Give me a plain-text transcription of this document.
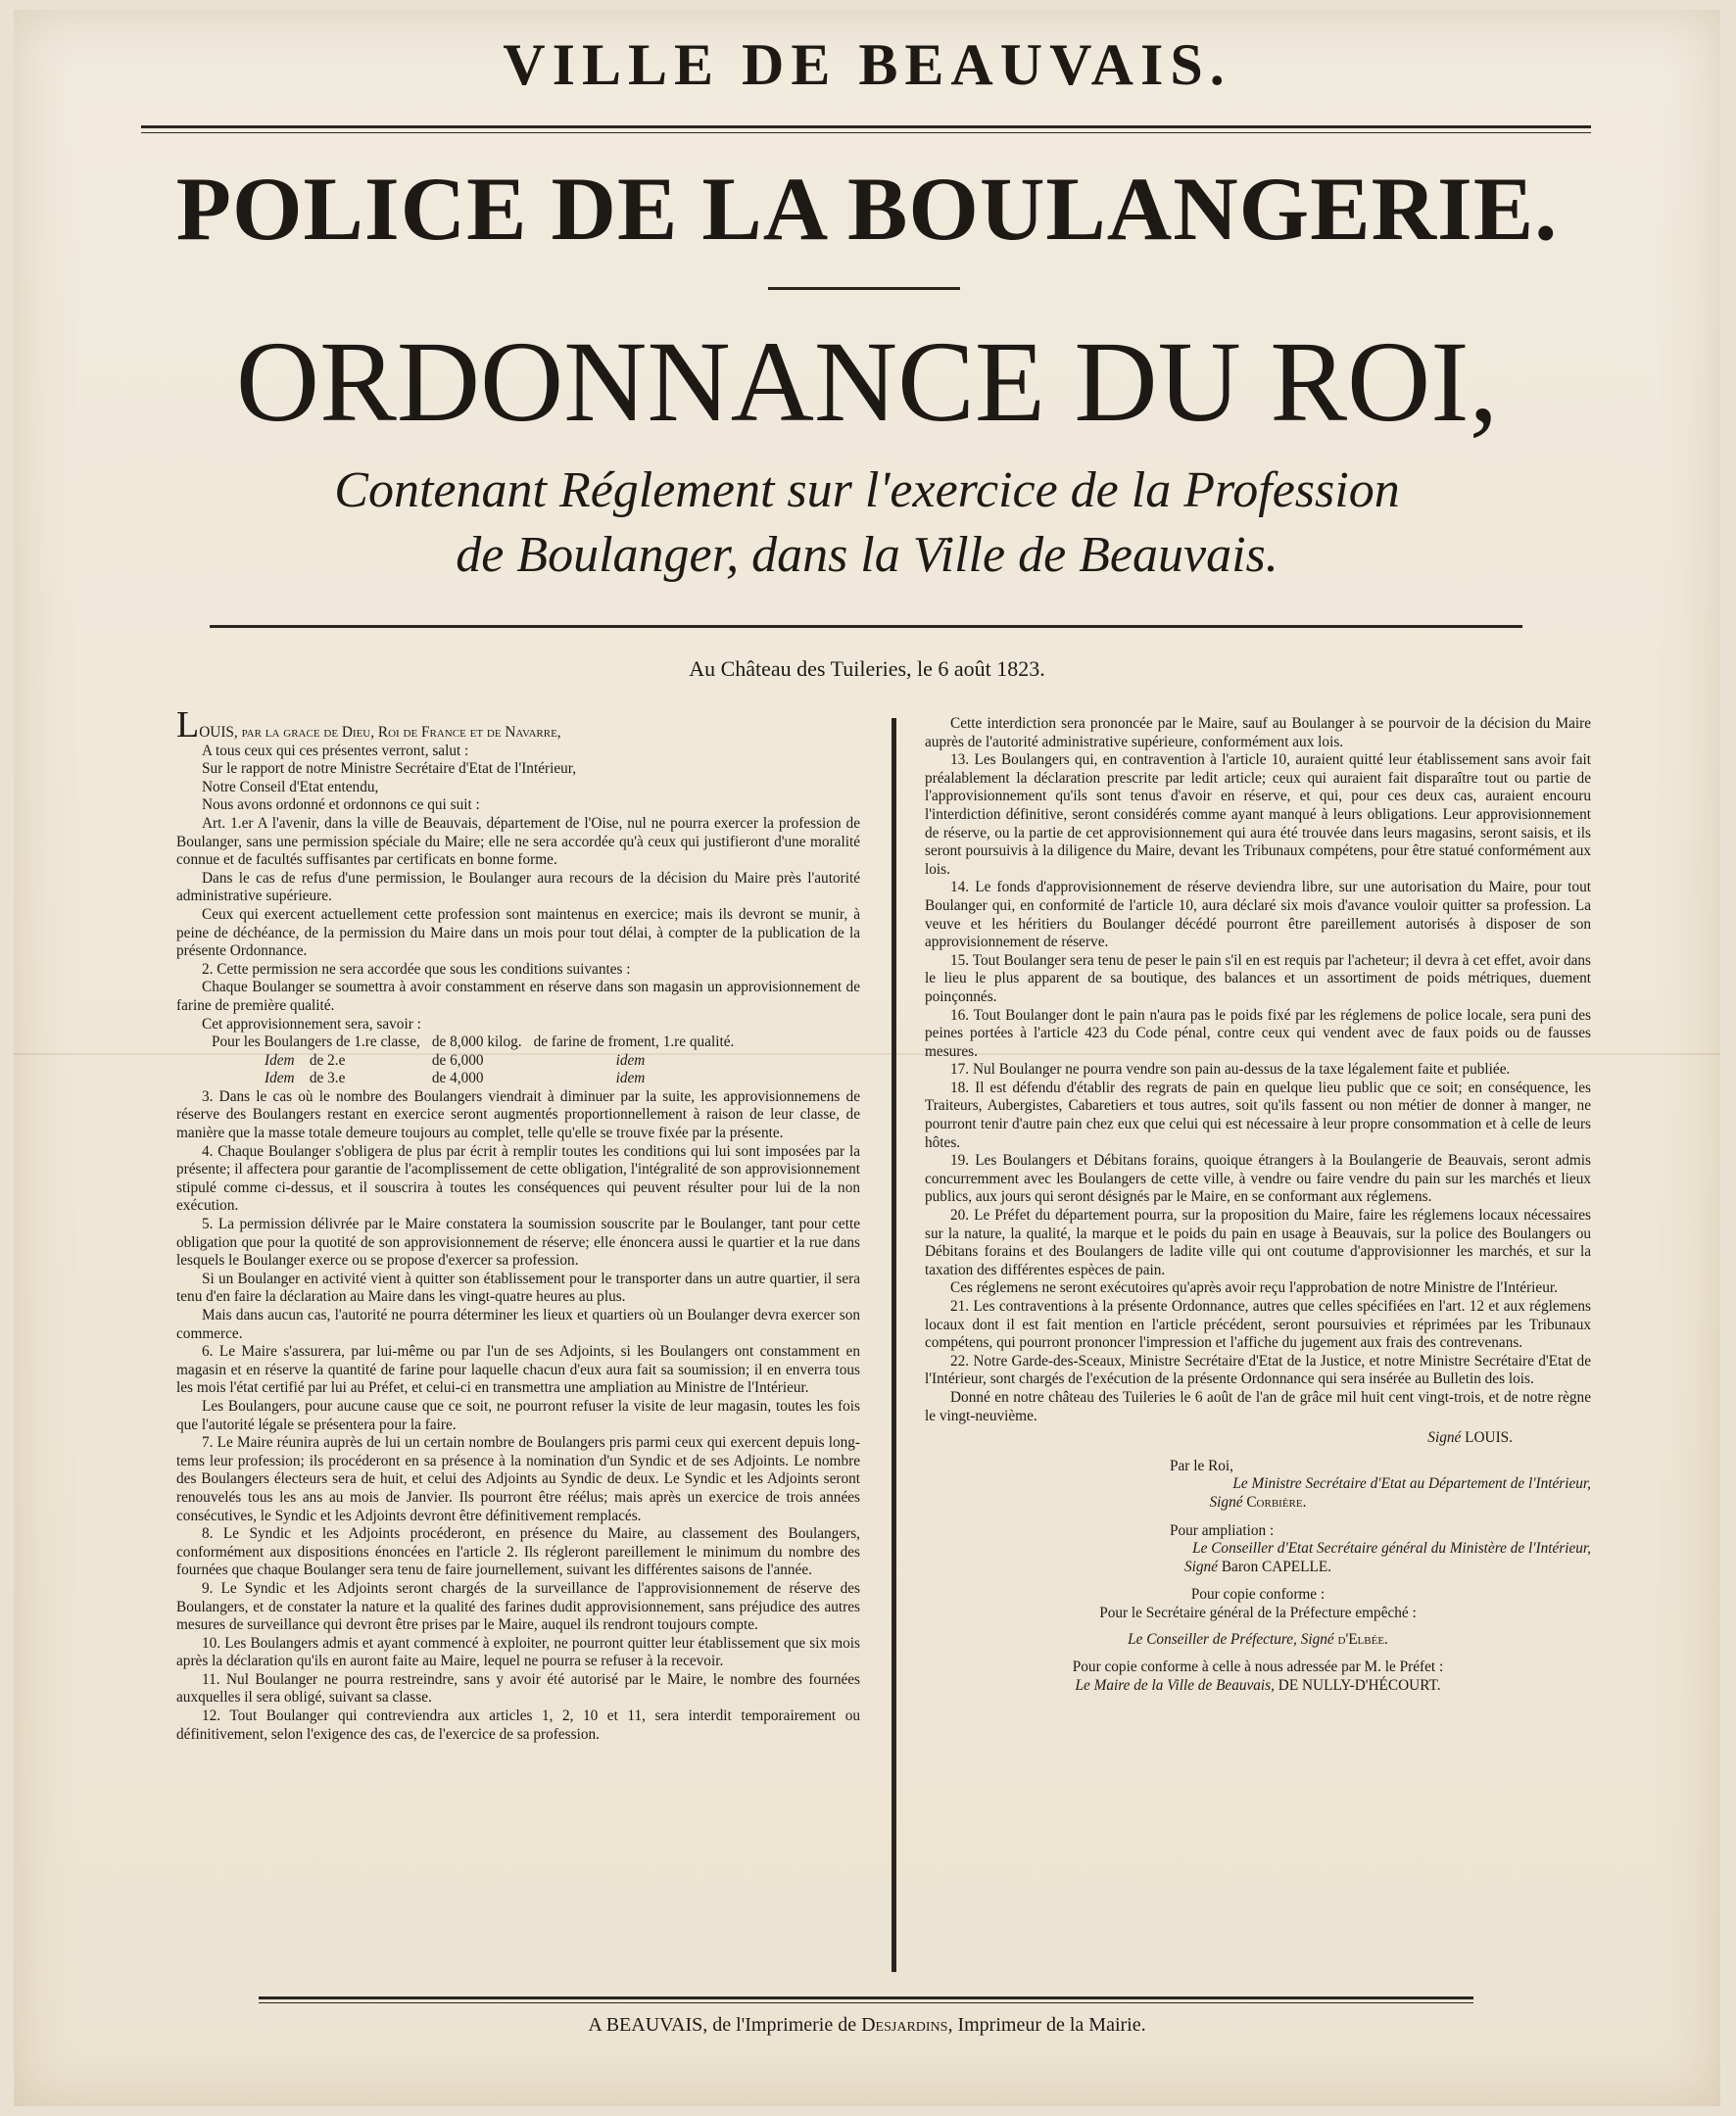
VILLE DE BEAUVAIS.
POLICE DE LA BOULANGERIE.
ORDONNANCE DU ROI,
Contenant Réglement sur l'exercice de la Profession
de Boulanger, dans la Ville de Beauvais.
Au Château des Tuileries, le 6 août 1823.

LOUIS, par la grace de Dieu, Roi de France et de Navarre,

A tous ceux qui ces présentes verront, salut :

Sur le rapport de notre Ministre Secrétaire d'Etat de l'Intérieur,

Notre Conseil d'Etat entendu,

Nous avons ordonné et ordonnons ce qui suit :

Art. 1.er A l'avenir, dans la ville de Beauvais, département de l'Oise, nul ne pourra exercer la profession de Boulanger, sans une permission spéciale du Maire; elle ne sera accordée qu'à ceux qui justifieront d'une moralité connue et de facultés suffisantes par certificats en bonne forme.

Dans le cas de refus d'une permission, le Boulanger aura recours de la décision du Maire près l'autorité administrative supérieure.

Ceux qui exercent actuellement cette profession sont maintenus en exercice; mais ils devront se munir, à peine de déchéance, de la permission du Maire dans un mois pour tout délai, à compter de la publication de la présente Ordonnance.

2. Cette permission ne sera accordée que sous les conditions suivantes :

Chaque Boulanger se soumettra à avoir constamment en réserve dans son magasin un approvisionnement de farine de première qualité.

Cet approvisionnement sera, savoir :

Pour les Boulangers de 1.re classe,	de 8,000 kilog.	de farine de froment, 1.re qualité.
Idem de 2.e	de 6,000	idem
Idem de 3.e	de 4,000	idem

3. Dans le cas où le nombre des Boulangers viendrait à diminuer par la suite, les approvisionnemens de réserve des Boulangers restant en exercice seront augmentés proportionnellement à raison de leur classe, de manière que la masse totale demeure toujours au complet, telle qu'elle se trouve fixée par la présente.

4. Chaque Boulanger s'obligera de plus par écrit à remplir toutes les conditions qui lui sont imposées par la présente; il affectera pour garantie de l'acomplissement de cette obligation, l'intégralité de son approvisionnement stipulé comme ci-dessus, et il souscrira à toutes les conséquences qui peuvent résulter pour lui de la non exécution.

5. La permission délivrée par le Maire constatera la soumission souscrite par le Boulanger, tant pour cette obligation que pour la quotité de son approvisionnement de réserve; elle énoncera aussi le quartier et la rue dans lesquels le Boulanger exerce ou se propose d'exercer sa profession.

Si un Boulanger en activité vient à quitter son établissement pour le transporter dans un autre quartier, il sera tenu d'en faire la déclaration au Maire dans les vingt-quatre heures au plus.

Mais dans aucun cas, l'autorité ne pourra déterminer les lieux et quartiers où un Boulanger devra exercer son commerce.

6. Le Maire s'assurera, par lui-même ou par l'un de ses Adjoints, si les Boulangers ont constamment en magasin et en réserve la quantité de farine pour laquelle chacun d'eux aura fait sa soumission; il en enverra tous les mois l'état certifié par lui au Préfet, et celui-ci en transmettra une ampliation au Ministre de l'Intérieur.

Les Boulangers, pour aucune cause que ce soit, ne pourront refuser la visite de leur magasin, toutes les fois que l'autorité légale se présentera pour la faire.

7. Le Maire réunira auprès de lui un certain nombre de Boulangers pris parmi ceux qui exercent depuis long-tems leur profession; ils procéderont en sa présence à la nomination d'un Syndic et de ses Adjoints. Le nombre des Boulangers électeurs sera de huit, et celui des Adjoints au Syndic de deux. Le Syndic et les Adjoints seront renouvelés tous les ans au mois de Janvier. Ils pourront être réélus; mais après un exercice de trois années consécutives, le Syndic et les Adjoints devront être définitivement remplacés.

8. Le Syndic et les Adjoints procéderont, en présence du Maire, au classement des Boulangers, conformément aux dispositions énoncées en l'article 2. Ils régleront pareillement le minimum du nombre des fournées que chaque Boulanger sera tenu de faire journellement, suivant les différentes saisons de l'année.

9. Le Syndic et les Adjoints seront chargés de la surveillance de l'approvisionnement de réserve des Boulangers, et de constater la nature et la qualité des farines dudit approvisionnement, sans préjudice des autres mesures de surveillance qui devront être prises par le Maire, auquel ils rendront toujours compte.

10. Les Boulangers admis et ayant commencé à exploiter, ne pourront quitter leur établissement que six mois après la déclaration qu'ils en auront faite au Maire, lequel ne pourra se refuser à la recevoir.

11. Nul Boulanger ne pourra restreindre, sans y avoir été autorisé par le Maire, le nombre des fournées auxquelles il sera obligé, suivant sa classe.

12. Tout Boulanger qui contreviendra aux articles 1, 2, 10 et 11, sera interdit temporairement ou définitivement, selon l'exigence des cas, de l'exercice de sa profession.

Cette interdiction sera prononcée par le Maire, sauf au Boulanger à se pourvoir de la décision du Maire auprès de l'autorité administrative supérieure, conformément aux lois.

13. Les Boulangers qui, en contravention à l'article 10, auraient quitté leur établissement sans avoir fait préalablement la déclaration prescrite par ledit article; ceux qui auraient fait disparaître tout ou partie de l'approvisionnement qu'ils sont tenus d'avoir en réserve, et qui, pour ces deux cas, auraient encouru l'interdiction définitive, seront considérés comme ayant manqué à leurs obligations. Leur approvisionnement de réserve, ou la partie de cet approvisionnement qui aura été trouvée dans leurs magasins, seront saisis, et ils seront poursuivis à la diligence du Maire, devant les Tribunaux compétens, pour être statué conformément aux lois.

14. Le fonds d'approvisionnement de réserve deviendra libre, sur une autorisation du Maire, pour tout Boulanger qui, en conformité de l'article 10, aura déclaré six mois d'avance vouloir quitter sa profession. La veuve et les héritiers du Boulanger décédé pourront être pareillement autorisés à disposer de son approvisionnement de réserve.

15. Tout Boulanger sera tenu de peser le pain s'il en est requis par l'acheteur; il devra à cet effet, avoir dans le lieu le plus apparent de sa boutique, des balances et un assortiment de poids métriques, duement poinçonnés.

16. Tout Boulanger dont le pain n'aura pas le poids fixé par les réglemens de police locale, sera puni des peines portées à l'article 423 du Code pénal, contre ceux qui vendent avec de faux poids ou de fausses mesures.

17. Nul Boulanger ne pourra vendre son pain au-dessus de la taxe légalement faite et publiée.

18. Il est défendu d'établir des regrats de pain en quelque lieu public que ce soit; en conséquence, les Traiteurs, Aubergistes, Cabaretiers et tous autres, soit qu'ils fassent ou non métier de donner à manger, ne pourront tenir d'autre pain chez eux que celui qui est nécessaire à leur propre consommation et à celle de leurs hôtes.

19. Les Boulangers et Débitans forains, quoique étrangers à la Boulangerie de Beauvais, seront admis concurremment avec les Boulangers de cette ville, à vendre ou faire vendre du pain sur les marchés et lieux publics, aux jours qui seront désignés par le Maire, en se conformant aux réglemens.

20. Le Préfet du département pourra, sur la proposition du Maire, faire les réglemens locaux nécessaires sur la nature, la qualité, la marque et le poids du pain en usage à Beauvais, sur la police des Boulangers ou Débitans forains et des Boulangers de ladite ville qui ont coutume d'approvisionner les marchés, et sur la taxation des différentes espèces de pain.

Ces réglemens ne seront exécutoires qu'après avoir reçu l'approbation de notre Ministre de l'Intérieur.

21. Les contraventions à la présente Ordonnance, autres que celles spécifiées en l'art. 12 et aux réglemens locaux dont il est fait mention en l'article précédent, seront poursuivies et réprimées par les Tribunaux compétens, qui pourront prononcer l'impression et l'affiche du jugement aux frais des contrevenans.

22. Notre Garde-des-Sceaux, Ministre Secrétaire d'Etat de la Justice, et notre Ministre Secrétaire d'Etat de l'Intérieur, sont chargés de l'exécution de la présente Ordonnance qui sera insérée au Bulletin des lois.

Donné en notre château des Tuileries le 6 août de l'an de grâce mil huit cent vingt-trois, et de notre règne le vingt-neuvième.

Signé LOUIS.

Par le Roi,

Le Ministre Secrétaire d'Etat au Département de l'Intérieur,

Signé Corbière.

Pour ampliation :

Le Conseiller d'Etat Secrétaire général du Ministère de l'Intérieur,

Signé Baron CAPELLE.

Pour copie conforme :

Pour le Secrétaire général de la Préfecture empêché :

Le Conseiller de Préfecture, Signé d'Elbée.

Pour copie conforme à celle à nous adressée par M. le Préfet :

Le Maire de la Ville de Beauvais, DE NULLY-D'HÉCOURT.

A BEAUVAIS, de l'Imprimerie de Desjardins, Imprimeur de la Mairie.
